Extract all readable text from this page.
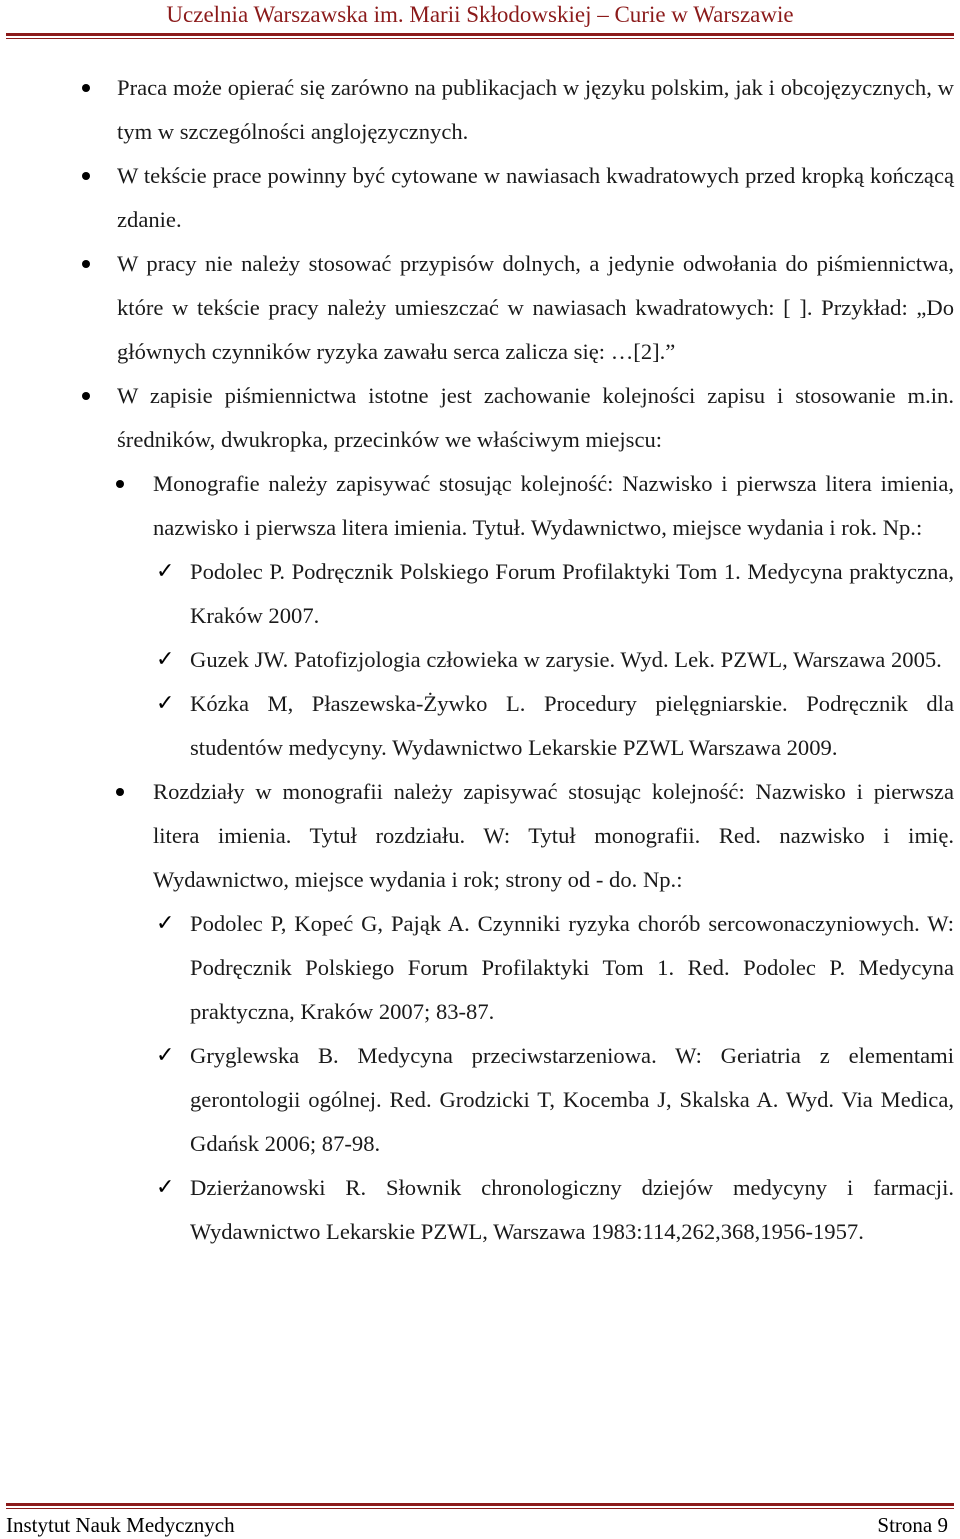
Uczelnia Warszawska im. Marii Skłodowskiej – Curie w Warszawie
Praca może opierać się zarówno na publikacjach w języku polskim, jak i obcojęzycznych, w tym w szczególności anglojęzycznych.
W tekście prace powinny być cytowane w nawiasach kwadratowych przed kropką kończącą zdanie.
W pracy nie należy stosować przypisów dolnych, a jedynie odwołania do piśmiennictwa, które w tekście pracy należy umieszczać w nawiasach kwadratowych: [ ]. Przykład: „Do głównych czynników ryzyka zawału serca zalicza się: …[2].”
W zapisie piśmiennictwa istotne jest zachowanie kolejności zapisu i stosowanie m.in. średników, dwukropka, przecinków we właściwym miejscu:
Monografie należy zapisywać stosując kolejność: Nazwisko i pierwsza litera imienia, nazwisko i pierwsza litera imienia. Tytuł. Wydawnictwo, miejsce wydania i rok. Np.:
✓ Podolec P. Podręcznik Polskiego Forum Profilaktyki Tom 1. Medycyna praktyczna, Kraków 2007.
✓ Guzek JW. Patofizjologia człowieka w zarysie. Wyd. Lek. PZWL, Warszawa 2005.
✓ Kózka M, Płaszewska-Żywko L. Procedury pielęgniarskie. Podręcznik dla studentów medycyny. Wydawnictwo Lekarskie PZWL Warszawa 2009.
Rozdziały w monografii należy zapisywać stosując kolejność: Nazwisko i pierwsza litera imienia. Tytuł rozdziału. W: Tytuł monografii. Red. nazwisko i imię. Wydawnictwo, miejsce wydania i rok; strony od - do. Np.:
✓ Podolec P, Kopeć G, Pająk A. Czynniki ryzyka chorób sercowonaczyniowych. W: Podręcznik Polskiego Forum Profilaktyki Tom 1. Red. Podolec P. Medycyna praktyczna, Kraków 2007; 83-87.
✓ Gryglewska B. Medycyna przeciwstarzeniowa. W: Geriatria z elementami gerontologii ogólnej. Red. Grodzicki T, Kocemba J, Skalska A. Wyd. Via Medica, Gdańsk 2006; 87-98.
✓ Dzierżanowski R. Słownik chronologiczny dziejów medycyny i farmacji. Wydawnictwo Lekarskie PZWL, Warszawa 1983:114,262,368,1956-1957.
Instytut Nauk Medycznych	Strona 9
